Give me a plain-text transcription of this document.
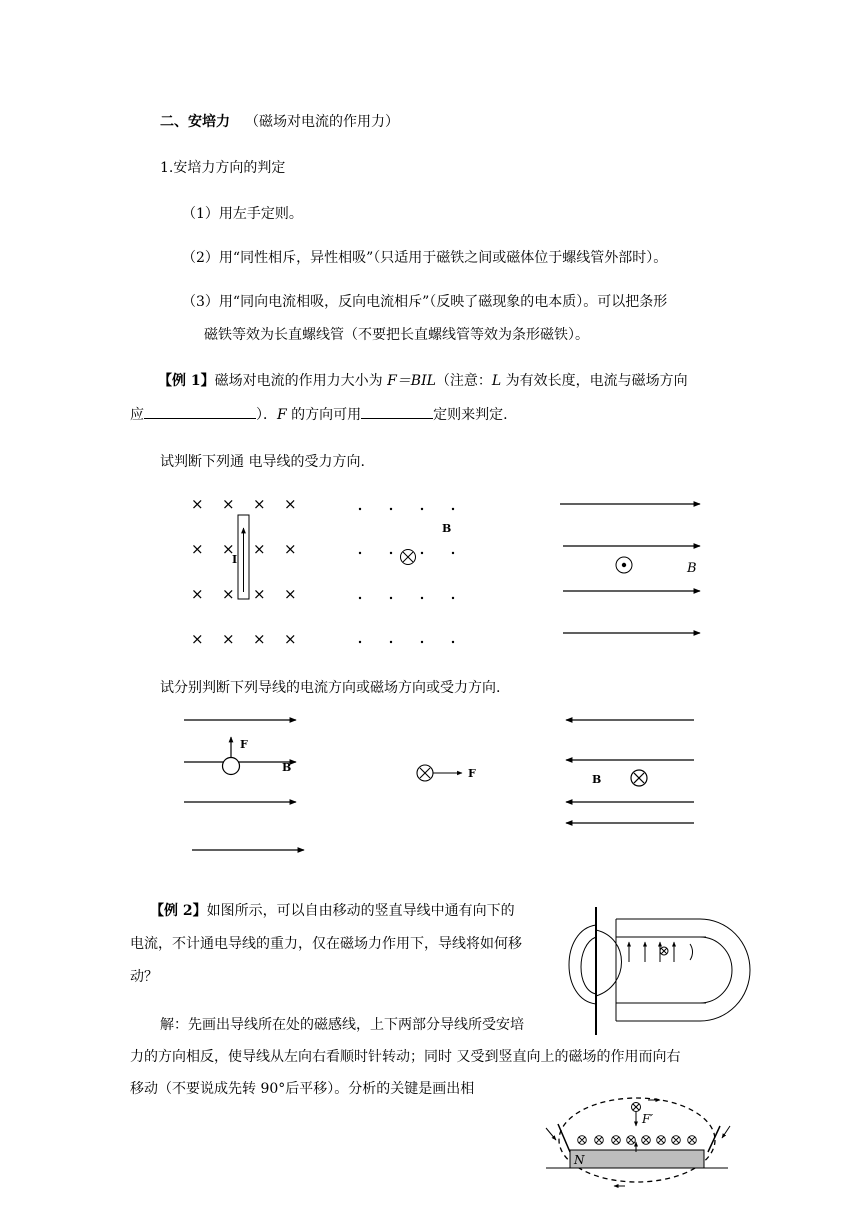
二、安培力 （磁场对电流的作用力）
1.安培力方向的判定
（1）用左手定则。
（2）用“同性相斥，异性相吸”（只适用于磁铁之间或磁体位于螺线管外部时）。
（3）用“同向电流相吸，反向电流相斥”（反映了磁现象的电本质）。可以把条形
磁铁等效为长直螺线管（不要把长直螺线管等效为条形磁铁）。
【例 1】磁场对电流的作用力大小为 F＝BIL（注意：L 为有效长度，电流与磁场方向
应	）．F 的方向可用	定则来判定.
试判断下列通 电导线的受力方向.
× × × ×
× × × ×
× × × ×
× × × ×
I
B
B
F
B	F	B
N
F′
试分别判断下列导线的电流方向或磁场方向或受力方向.
【例 2】如图所示，可以自由移动的竖直导线中通有向下的
电流，不计通电导线的重力，仅在磁场力作用下，导线将如何移
动？
解：先画出导线所在处的磁感线，上下两部分导线所受安培
力的方向相反，使导线从左向右看顺时针转动；同时 又受到竖直向上的磁场的作用而向右
移动（不要说成先转 90°后平移）。分析的关键是画出相
